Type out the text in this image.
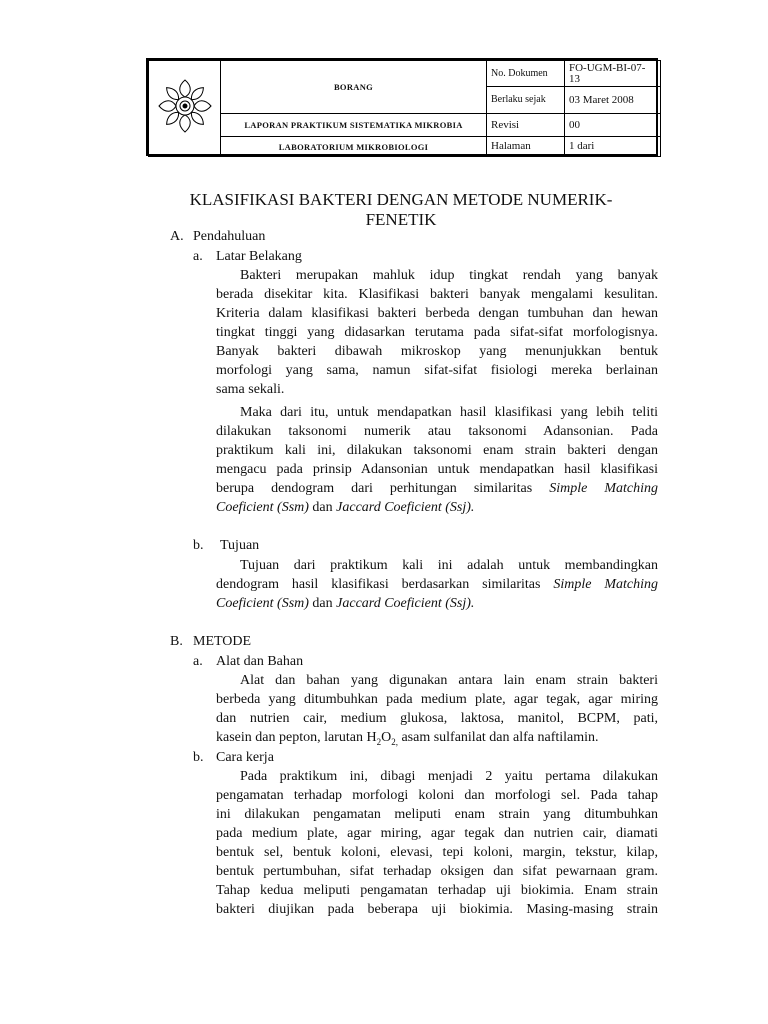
	BORANG	No. Dokumen	FO-UGM-BI-07-13
		Berlaku sejak	03 Maret 2008
	LAPORAN PRAKTIKUM SISTEMATIKA MIKROBIA	Revisi	00
	LABORATORIUM MIKROBIOLOGI	Halaman	1 dari
KLASIFIKASI BAKTERI DENGAN METODE NUMERIK-
FENETIK
A. Pendahuluan
a. Latar Belakang
Bakteri merupakan mahluk idup tingkat rendah yang banyak
berada disekitar kita. Klasifikasi bakteri banyak mengalami kesulitan.
Kriteria dalam klasifikasi bakteri berbeda dengan tumbuhan dan hewan
tingkat tinggi yang didasarkan terutama pada sifat-sifat morfologisnya.
Banyak bakteri dibawah mikroskop yang menunjukkan bentuk
morfologi yang sama, namun sifat-sifat fisiologi mereka berlainan
sama sekali.
Maka dari itu, untuk mendapatkan hasil klasifikasi yang lebih teliti
dilakukan taksonomi numerik atau taksonomi Adansonian. Pada
praktikum kali ini, dilakukan taksonomi enam strain bakteri dengan
mengacu pada prinsip Adansonian untuk mendapatkan hasil klasifikasi
berupa dendogram dari perhitungan similaritas Simple Matching
Coeficient (Ssm) dan Jaccard Coeficient (Ssj).
b. Tujuan
Tujuan dari praktikum kali ini adalah untuk membandingkan
dendogram hasil klasifikasi berdasarkan similaritas Simple Matching
Coeficient (Ssm) dan Jaccard Coeficient (Ssj).
B. METODE
a. Alat dan Bahan
Alat dan bahan yang digunakan antara lain enam strain bakteri
berbeda yang ditumbuhkan pada medium plate, agar tegak, agar miring
dan nutrien cair, medium glukosa, laktosa, manitol, BCPM, pati,
kasein dan pepton, larutan $H_2O_{2,}$ asam sulfanilat dan alfa naftilamin.
b. Cara kerja
Pada praktikum ini, dibagi menjadi 2 yaitu pertama dilakukan
pengamatan terhadap morfologi koloni dan morfologi sel. Pada tahap
ini dilakukan pengamatan meliputi enam strain yang ditumbuhkan
pada medium plate, agar miring, agar tegak dan nutrien cair, diamati
bentuk sel, bentuk koloni, elevasi, tepi koloni, margin, tekstur, kilap,
bentuk pertumbuhan, sifat terhadap oksigen dan sifat pewarnaan gram.
Tahap kedua meliputi pengamatan terhadap uji biokimia. Enam strain
bakteri diujikan pada beberapa uji biokimia. Masing-masing strain
